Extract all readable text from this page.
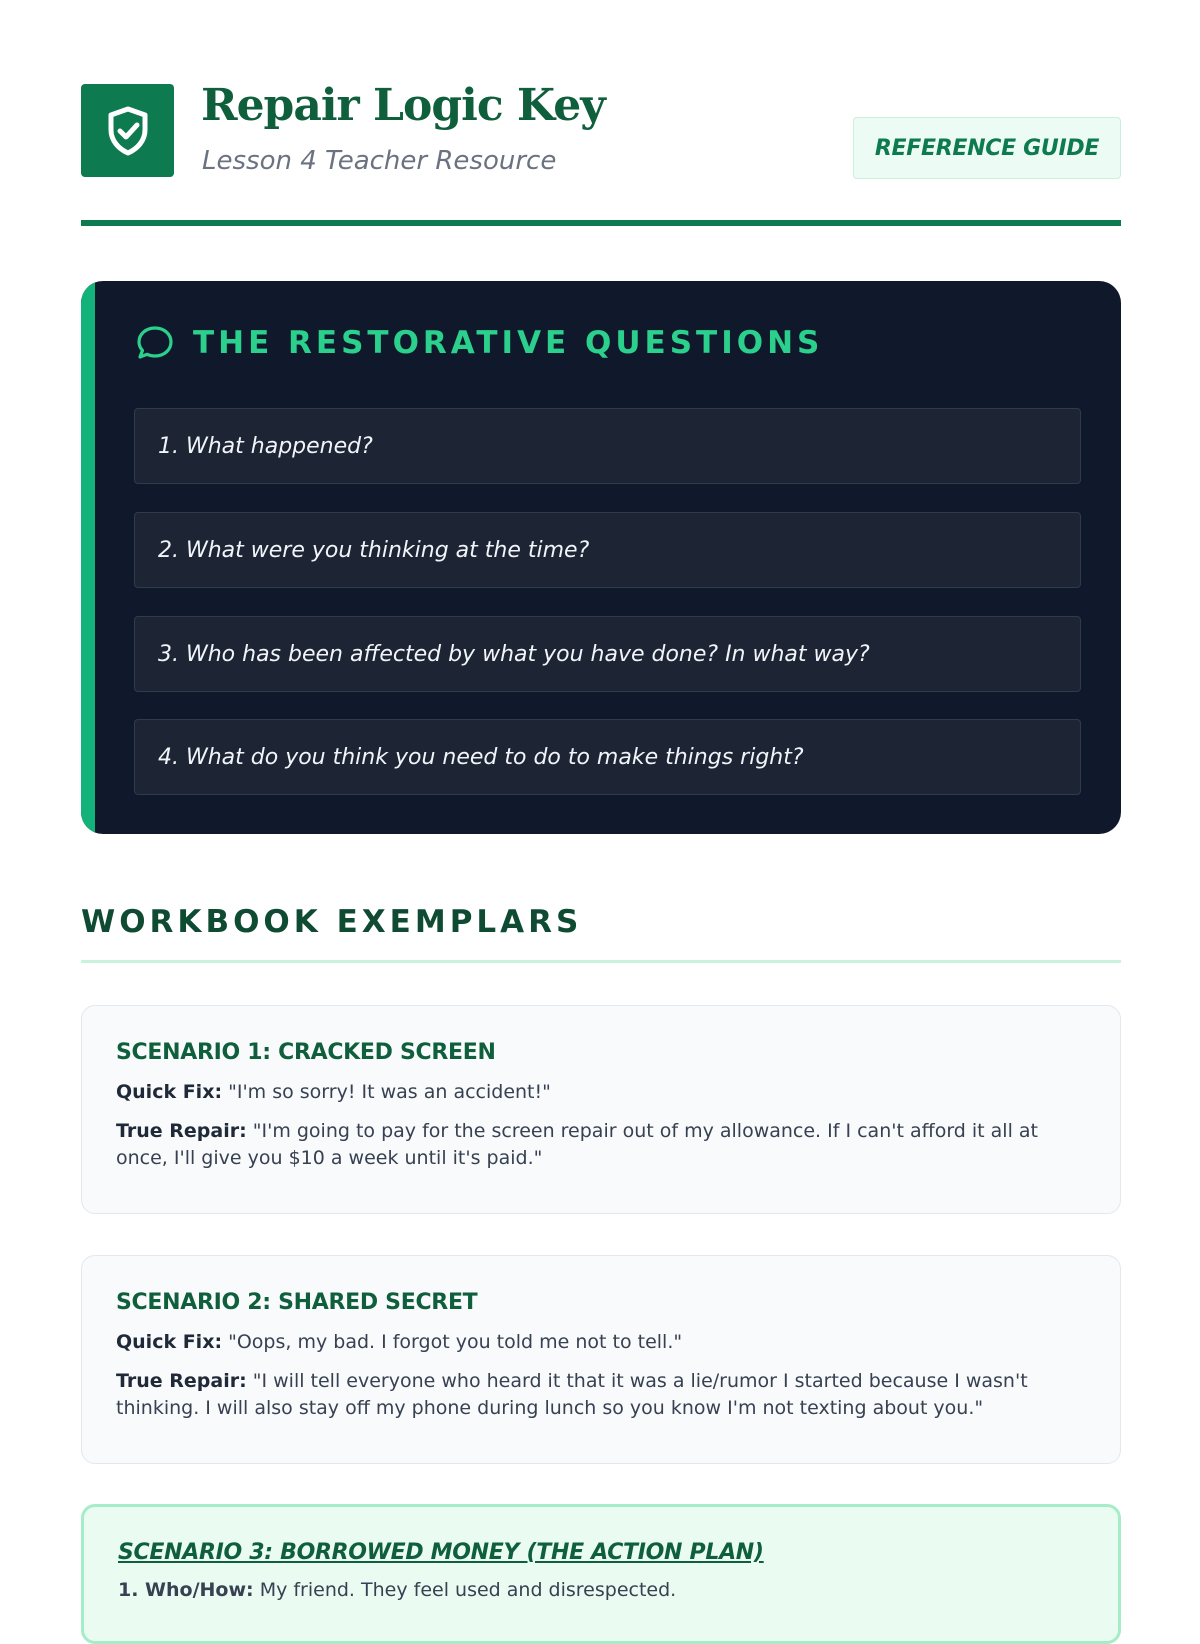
Repair Logic Key
Lesson 4 Teacher Resource	REFERENCE GUIDE
THE RESTORATIVE QUESTIONS
1. What happened?
2. What were you thinking at the time?
3. Who has been affected by what you have done? In what way?
4. What do you think you need to do to make things right?
WORKBOOK EXEMPLARS
SCENARIO 1: CRACKED SCREEN

Quick Fix: "I'm so sorry! It was an accident!"

True Repair: "I'm going to pay for the screen repair out of my allowance. If I can't afford it all at once, I'll give you $10 a week until it's paid."

SCENARIO 2: SHARED SECRET

Quick Fix: "Oops, my bad. I forgot you told me not to tell."

True Repair: "I will tell everyone who heard it that it was a lie/rumor I started because I wasn't thinking. I will also stay off my phone during lunch so you know I'm not texting about you."

SCENARIO 3: BORROWED MONEY (THE ACTION PLAN)

1. Who/How: My friend. They feel used and disrespected.
